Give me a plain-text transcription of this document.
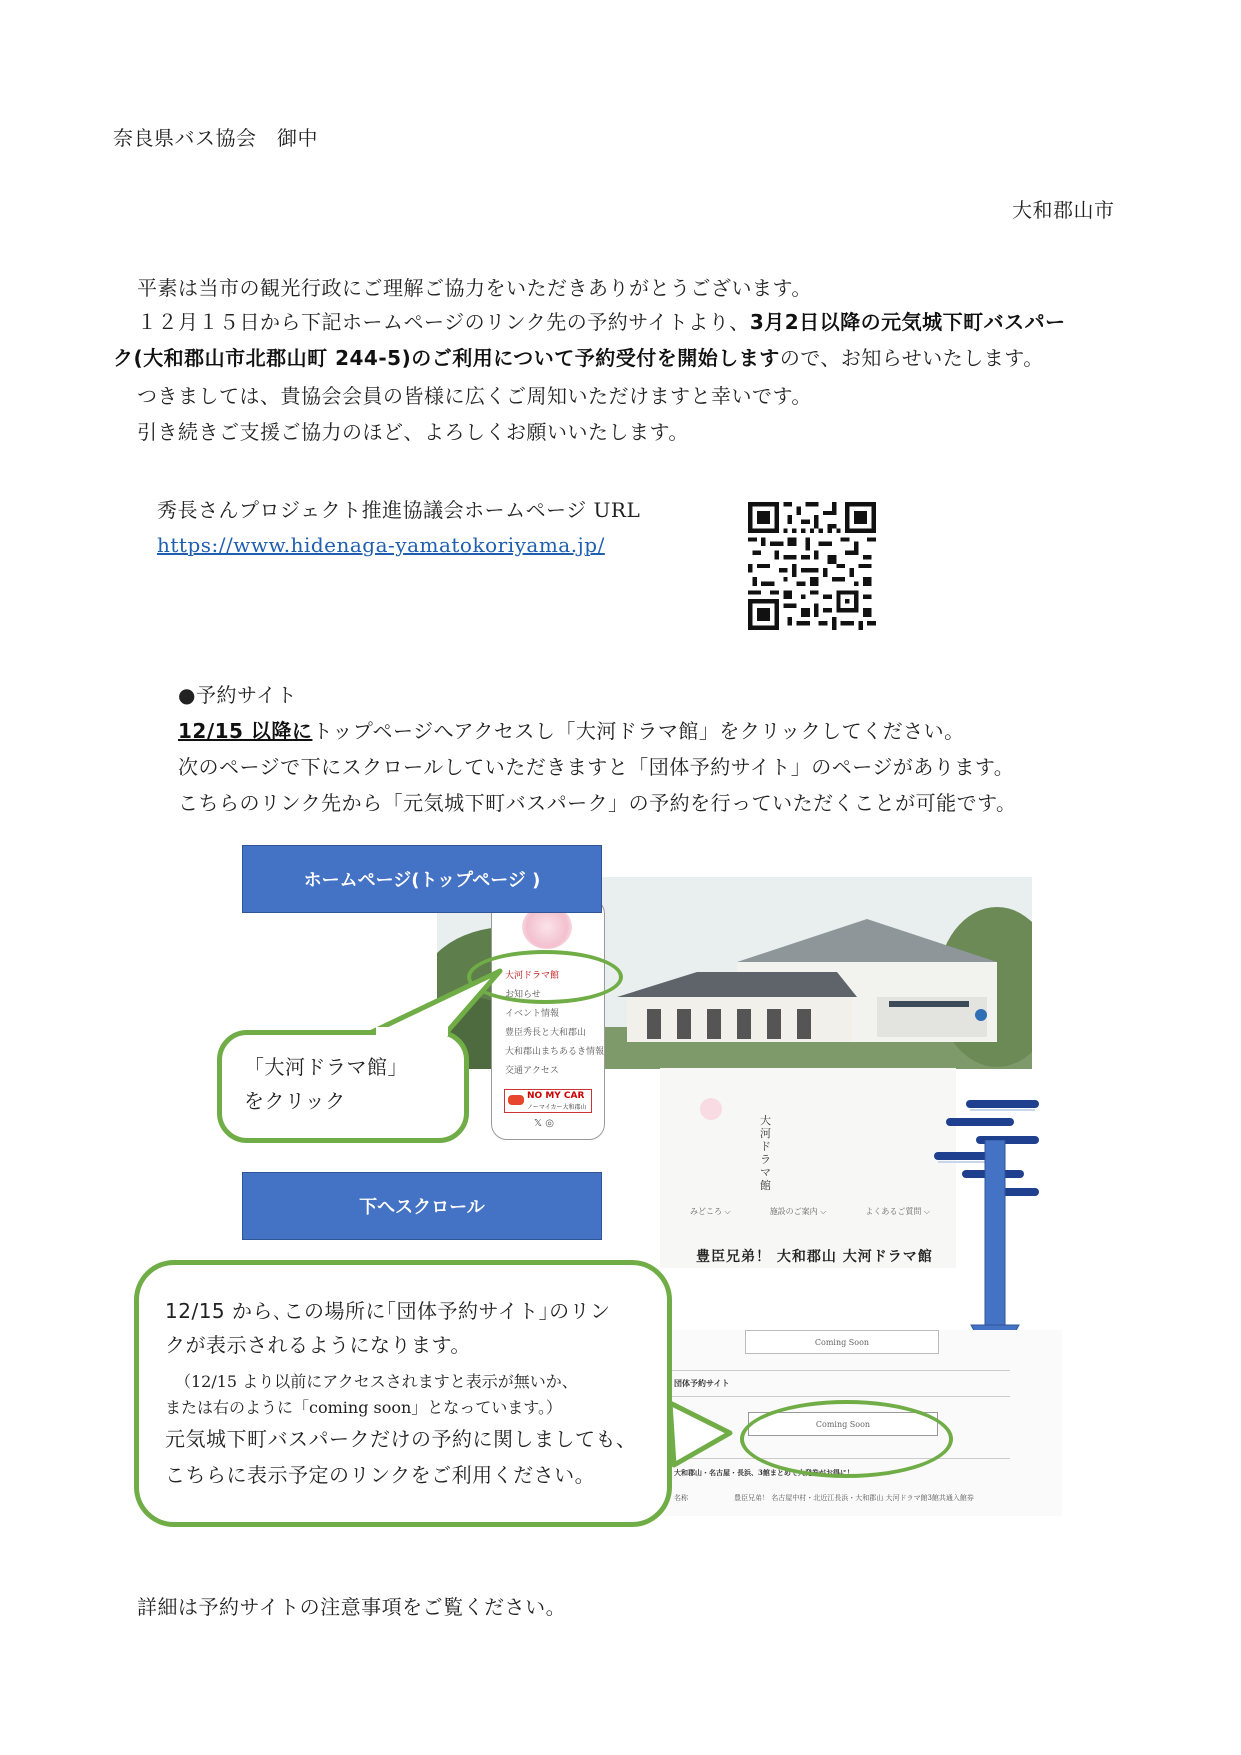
奈良県バス協会　御中
大和郡山市
平素は当市の観光行政にご理解ご協力をいただきありがとうございます。
１２月１５日から下記ホームページのリンク先の予約サイトより、3月2日以降の元気城下町バスパー
ク(大和郡山市北郡山町 244-5)のご利用について予約受付を開始しますので、お知らせいたします。
つきましては、貴協会会員の皆様に広くご周知いただけますと幸いです。
引き続きご支援ご協力のほど、よろしくお願いいたします。
秀長さんプロジェクト推進協議会ホームページ URL
https://www.hidenaga-yamatokoriyama.jp/
●予約サイト
12/15 以降にトップページへアクセスし「大河ドラマ館」をクリックしてください。
次のページで下にスクロールしていただきますと「団体予約サイト」のページがあります。
こちらのリンク先から「元気城下町バスパーク」の予約を行っていただくことが可能です。
大河ドラマ館
お知らせ
イベント情報
豊臣秀長と大和郡山
大和郡山まちあるき情報
交通アクセス
NO MY CAR
ノーマイカー大和郡山
𝕏 ◎
ホームページ(トップページ )
「大河ドラマ館」
をクリック
大河ドラマ館
みどころ ⌵	施設のご案内 ⌵	よくあるご質問 ⌵
豊臣兄弟！ 大和郡山 大河ドラマ館
下へスクロール
Coming Soon
団体予約サイト
Coming Soon
大和郡山・名古屋・長浜、3館まとめて大発券がお得に！
名称	豊臣兄弟！ 名古屋中村・北近江長浜・大和郡山 大河ドラマ館3館共通入館券
12/15 から､この場所に｢団体予約サイト｣のリン
クが表示されるようになります。
（12/15 より以前にアクセスされますと表示が無いか、
または右のように「coming soon」となっています。）
元気城下町バスパークだけの予約に関しましても、
こちらに表示予定のリンクをご利用ください。
詳細は予約サイトの注意事項をご覧ください。
